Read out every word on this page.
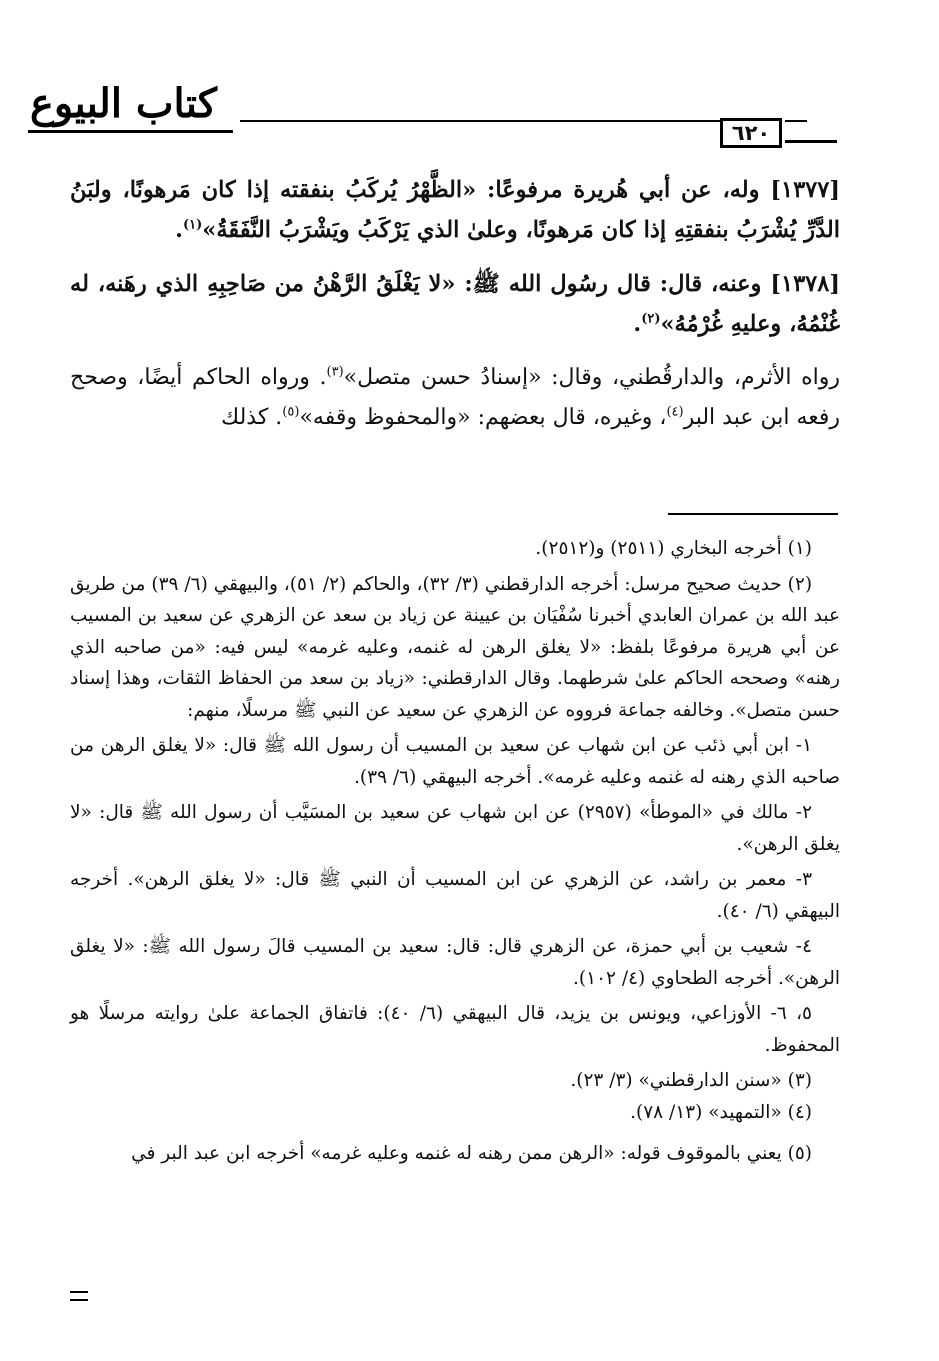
كتاب البيوع
٦٢٠

[١٣٧٧] وله، عن أبي هُريرة مرفوعًا: «الظَّهْرُ يُركَبُ بنفقته إذا كان مَرهونًا، ولبَنُ الدَّرِّ يُشْرَبُ بنفقتِهِ إذا كان مَرهونًا، وعلىٰ الذي يَرْكَبُ ويَشْرَبُ النَّفَقَةُ»$^{(١)}$.

[١٣٧٨] وعنه، قال: قال رسُول الله ﷺ: «لا يَغْلَقُ الرَّهْنُ من صَاحِبِهِ الذي رهَنه، له غُنْمُهُ، وعليهِ غُرْمُهُ»$^{(٢)}$.

رواه الأثرم، والدارقُطني، وقال: «إسنادُ حسن متصل»$^{(٣)}$. ورواه الحاكم أيضًا، وصحح رفعه ابن عبد البر$^{(٤)}$، وغيره، قال بعضهم: «والمحفوظ وقفه»$^{(٥)}$. كذلك

(١) أخرجه البخاري (٢٥١١) و(٢٥١٢).

(٢) حديث صحيح مرسل: أخرجه الدارقطني (٣/ ٣٢)، والحاكم (٢/ ٥١)، والبيهقي (٦/ ٣٩) من طريق عبد الله بن عمران العابدي أخبرنا سُفْيَان بن عيينة عن زياد بن سعد عن الزهري عن سعيد بن المسيب عن أبي هريرة مرفوعًا بلفظ: «لا يغلق الرهن له غنمه، وعليه غرمه» ليس فيه: «من صاحبه الذي رهنه» وصححه الحاكم علىٰ شرطهما. وقال الدارقطني: «زياد بن سعد من الحفاظ الثقات، وهذا إسناد حسن متصل». وخالفه جماعة فرووه عن الزهري عن سعيد عن النبي ﷺ مرسلًا، منهم:

١- ابن أبي ذئب عن ابن شهاب عن سعيد بن المسيب أن رسول الله ﷺ قال: «لا يغلق الرهن من صاحبه الذي رهنه له غنمه وعليه غرمه». أخرجه البيهقي (٦/ ٣٩).

٢- مالك في «الموطأ» (٢٩٥٧) عن ابن شهاب عن سعيد بن المسَيَّب أن رسول الله ﷺ قال: «لا يغلق الرهن».

٣- معمر بن راشد، عن الزهري عن ابن المسيب أن النبي ﷺ قال: «لا يغلق الرهن». أخرجه البيهقي (٦/ ٤٠).

٤- شعيب بن أبي حمزة، عن الزهري قال: قال: سعيد بن المسيب قالَ رسول الله ﷺ: «لا يغلق الرهن». أخرجه الطحاوي (٤/ ١٠٢).

٥، ٦- الأوزاعي، ويونس بن يزيد، قال البيهقي (٦/ ٤٠): فاتفاق الجماعة علىٰ روايته مرسلًا هو المحفوظ.

(٣) «سنن الدارقطني» (٣/ ٢٣).

(٤) «التمهيد» (١٣/ ٧٨).

(٥) يعني بالموقوف قوله: «الرهن ممن رهنه له غنمه وعليه غرمه» أخرجه ابن عبد البر في
